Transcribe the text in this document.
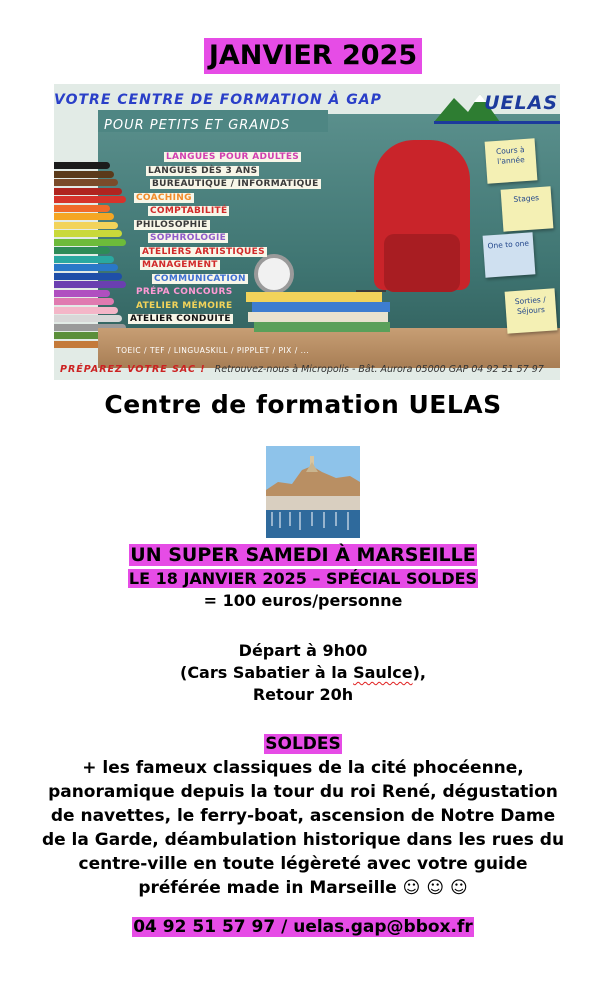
JANVIER 2025
VOTRE CENTRE DE FORMATION À GAP
POUR PETITS ET GRANDS
UELAS
LANGUES POUR ADULTES
LANGUES DÈS 3 ANS
BUREAUTIQUE / INFORMATIQUE
COACHING
COMPTABILITÉ
PHILOSOPHIE
SOPHROLOGIE
ATELIERS ARTISTIQUES
MANAGEMENT
COMMUNICATION
PRÉPA CONCOURS
ATELIER MÉMOIRE
ATELIER CONDUITE
Cours à l'année
Stages
One to one
Sorties / Séjours
TOEIC / TEF / LINGUASKILL / PIPPLET / PIX / ...
PRÉPAREZ VOTRE SAC ! Retrouvez-nous à Micropolis - Bât. Aurora 05000 GAP 04 92 51 57 97
Centre de formation UELAS
UN SUPER SAMEDI À MARSEILLE
LE 18 JANVIER 2025 – SPÉCIAL SOLDES
= 100 euros/personne
Départ à 9h00
(Cars Sabatier à la Saulce),
Retour 20h
SOLDES
+ les fameux classiques de la cité phocéenne,
panoramique depuis la tour du roi René, dégustation
de navettes, le ferry-boat, ascension de Notre Dame
de la Garde, déambulation historique dans les rues du
centre-ville en toute légèreté avec votre guide
préférée made in Marseille ☺ ☺ ☺
04 92 51 57 97 / uelas.gap@bbox.fr
